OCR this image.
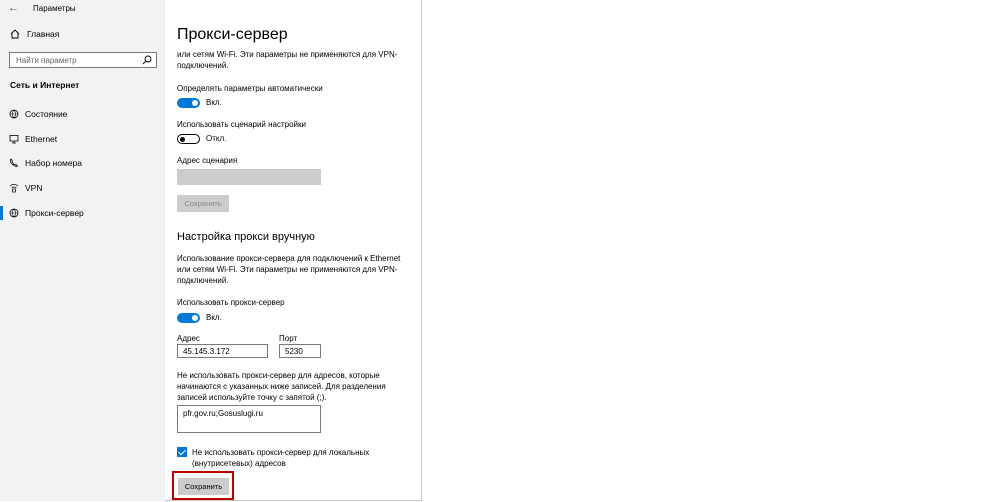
← Параметры
Главная
Найти параметр
Сеть и Интернет
Состояние
Ethernet
Набор номера
VPN
Прокси-сервер
Прокси-сервер
или сетям Wi-Fi. Эти параметры не применяются для VPN-подключений.
Определять параметры автоматически
Вкл.
Использовать сценарий настройки
Откл.
Адрес сценария
Сохранить
Настройка прокси вручную
Использование прокси-сервера для подключений к Ethernet или сетям Wi-Fi. Эти параметры не применяются для VPN-подключений.
Использовать прокси-сервер
Вкл.
Адрес
45.145.3.172
Порт
5230
Не использовать прокси-сервер для адресов, которые начинаются с указанных ниже записей. Для разделения записей используйте точку с запятой (;).
pfr.gov.ru;Gosuslugi.ru
Не использовать прокси-сервер для локальных (внутрисетевых) адресов
Сохранить
